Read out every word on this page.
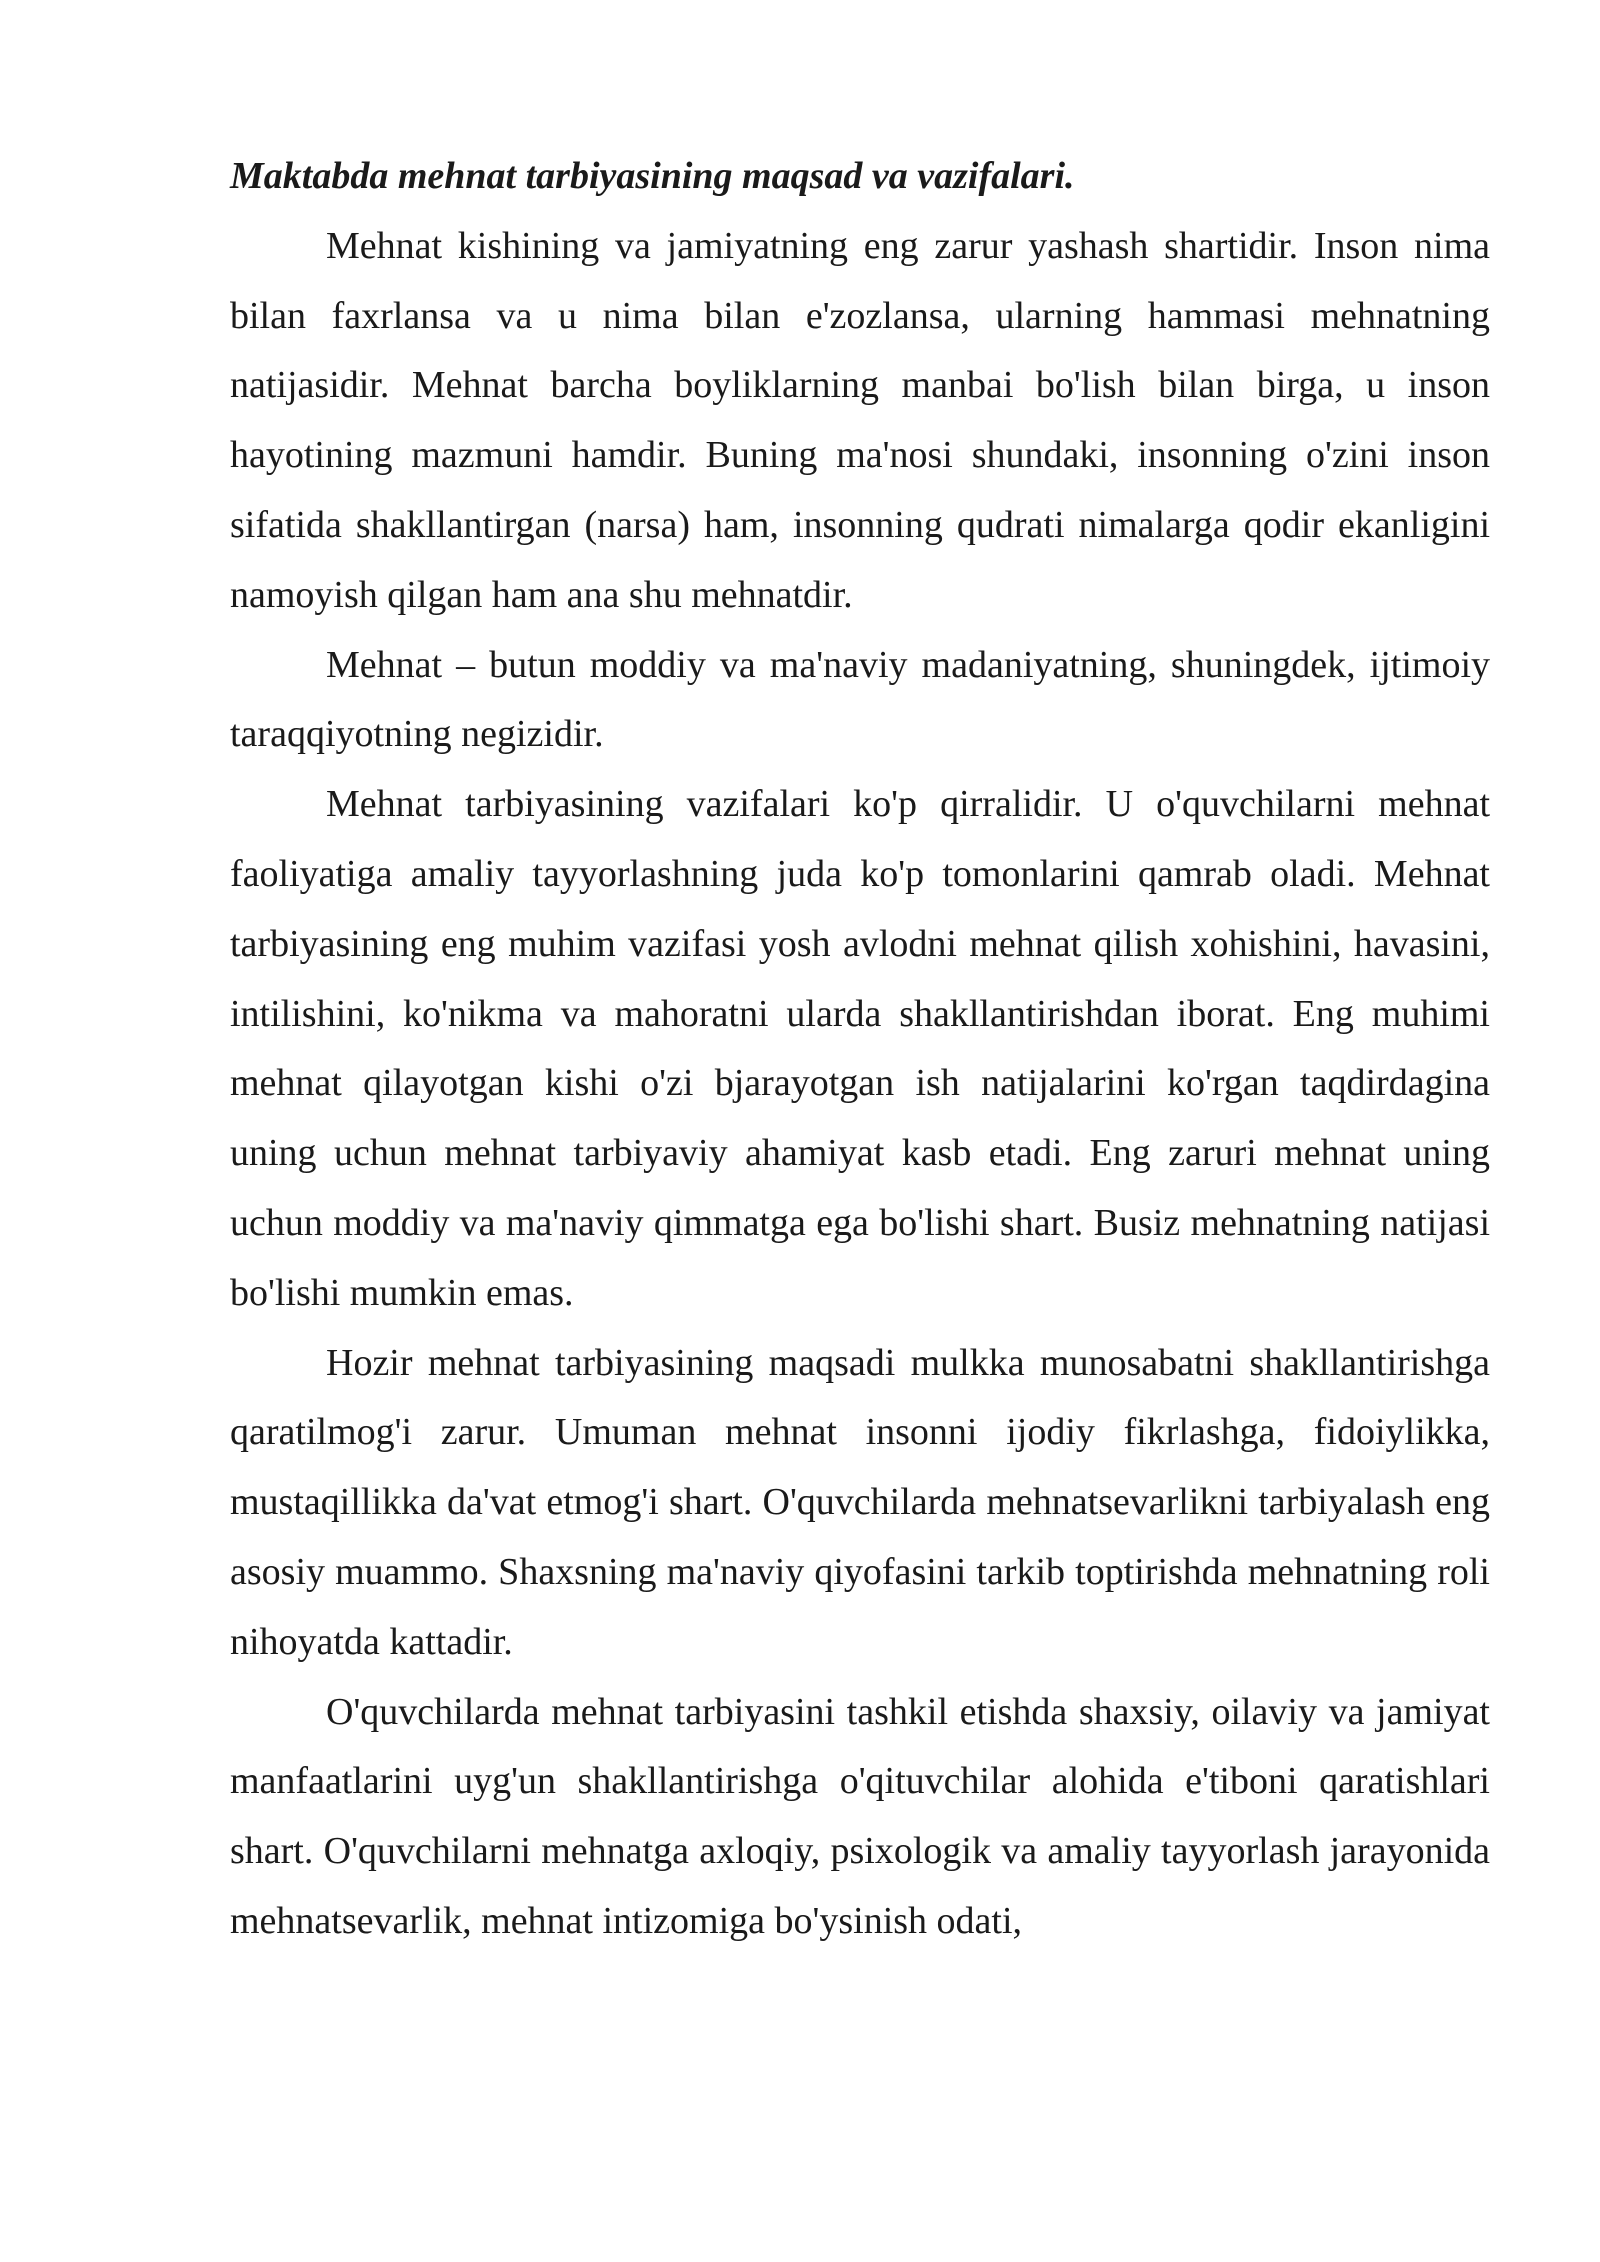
Maktabda mehnat tarbiyasining maqsad va vazifalari.

Mehnat kishining va jamiyatning eng zarur yashash shartidir. Inson nima bilan faxrlansa va u nima bilan e'zozlansa, ularning hammasi mehnatning natijasidir. Mehnat barcha boyliklarning manbai bo'lish bilan birga, u inson hayotining mazmuni hamdir. Buning ma'nosi shundaki, insonning o'zini inson sifatida shakllantirgan (narsa) ham, insonning qudrati nimalarga qodir ekanligini namoyish qilgan ham ana shu mehnatdir.

Mehnat – butun moddiy va ma'naviy madaniyatning, shuningdek, ijtimoiy taraqqiyotning negizidir.

Mehnat tarbiyasining vazifalari ko'p qirralidir. U o'quvchilarni mehnat faoliyatiga amaliy tayyorlashning juda ko'p tomonlarini qamrab oladi. Mehnat tarbiyasining eng muhim vazifasi yosh avlodni mehnat qilish xohishini, havasini, intilishini, ko'nikma va mahoratni ularda shakllantirishdan iborat. Eng muhimi mehnat qilayotgan kishi o'zi bjarayotgan ish natijalarini ko'rgan taqdirdagina uning uchun mehnat tarbiyaviy ahamiyat kasb etadi. Eng zaruri mehnat uning uchun moddiy va ma'naviy qimmatga ega bo'lishi shart. Busiz mehnatning natijasi bo'lishi mumkin emas.

Hozir mehnat tarbiyasining maqsadi mulkka munosabatni shakllantirishga qaratilmog'i zarur. Umuman mehnat insonni ijodiy fikrlashga, fidoiylikka, mustaqillikka da'vat etmog'i shart. O'quvchilarda mehnatsevarlikni tarbiyalash eng asosiy muammo. Shaxsning ma'naviy qiyofasini tarkib toptirishda mehnatning roli nihoyatda kattadir.

O'quvchilarda mehnat tarbiyasini tashkil etishda shaxsiy, oilaviy va jamiyat manfaatlarini uyg'un shakllantirishga o'qituvchilar alohida e'tiboni qaratishlari shart. O'quvchilarni mehnatga axloqiy, psixologik va amaliy tayyorlash jarayonida mehnatsevarlik, mehnat intizomiga bo'ysinish odati,
